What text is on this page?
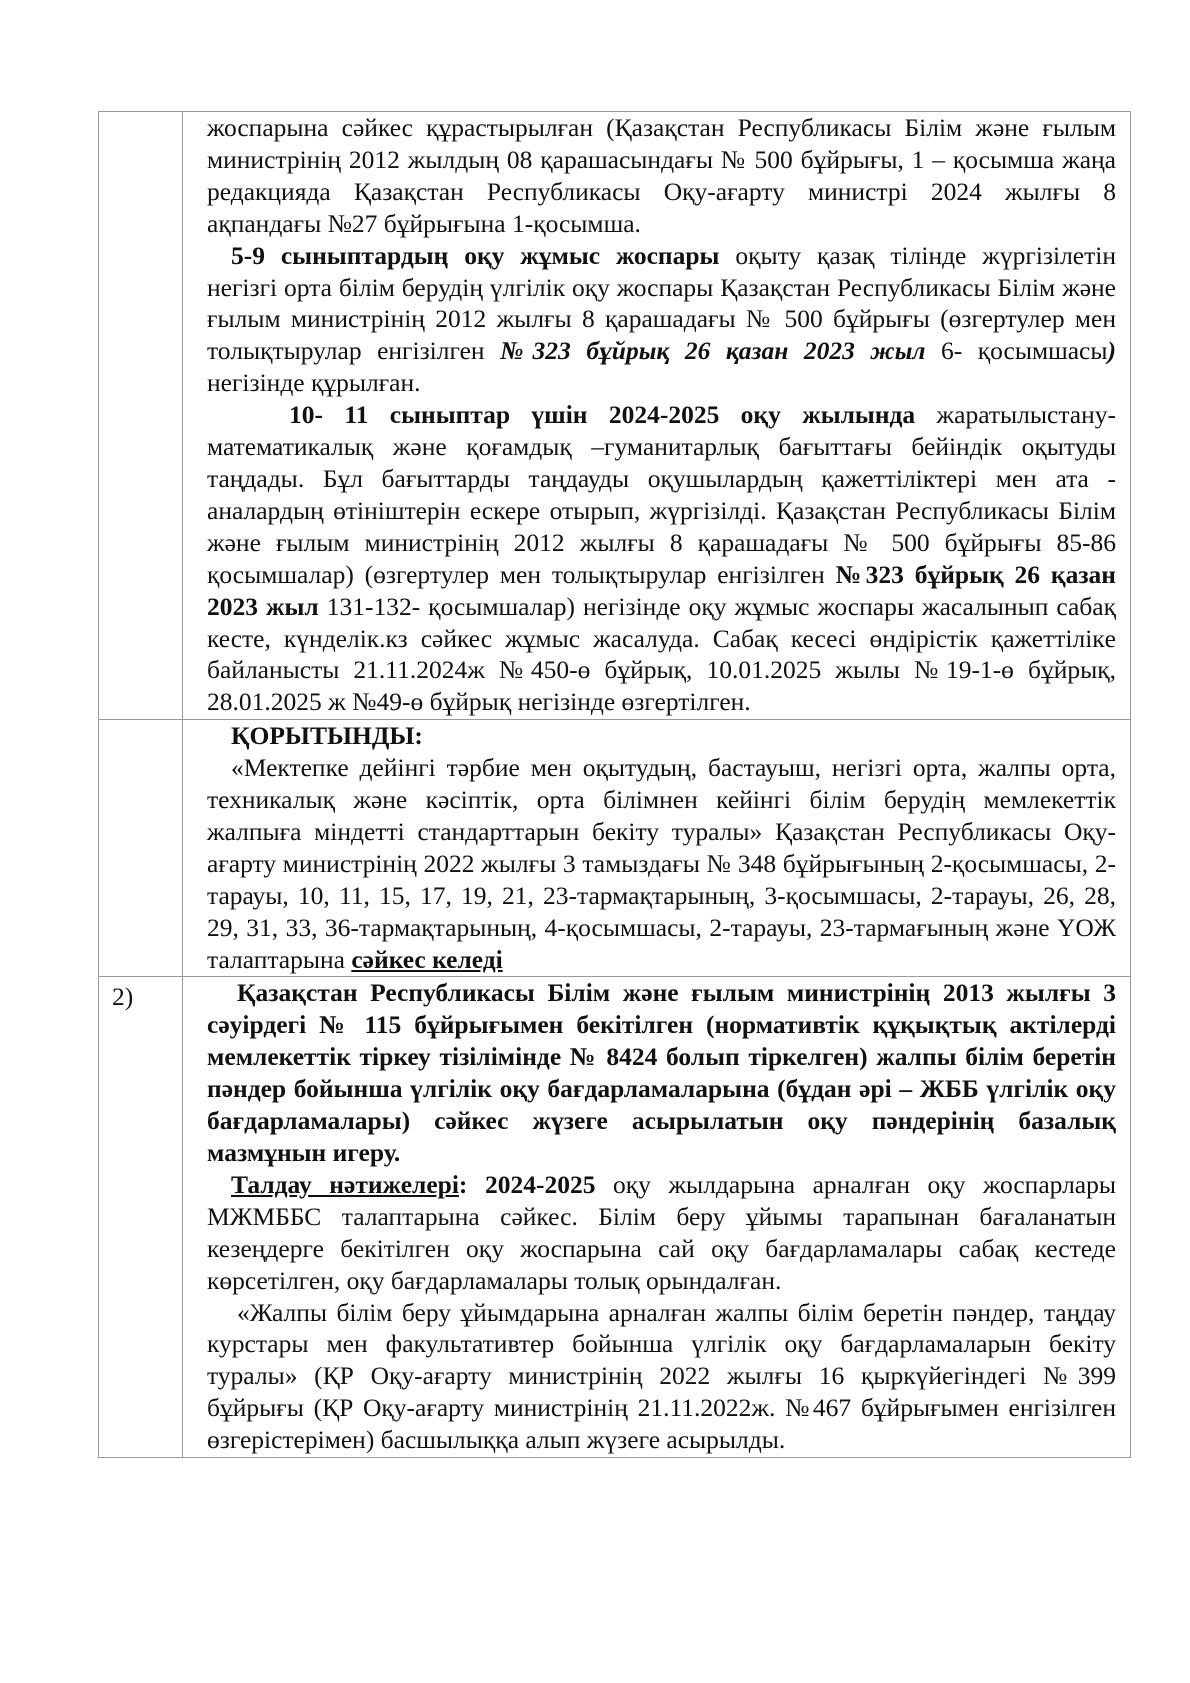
	жоспарына сәйкес құрастырылған (Қазақстан Республикасы Білім және ғылым министрінің 2012 жылдың 08 қарашасындағы № 500 бұйрығы, 1 – қосымша жаңа редакцияда Қазақстан Республикасы Оқу-ағарту министрі 2024 жылғы 8 ақпандағы №27 бұйрығына 1-қосымша.

5-9 сыныптардың оқу жұмыс жоспары оқыту қазақ тілінде жүргізілетін негізгі орта білім берудің үлгілік оқу жоспары Қазақстан Республикасы Білім және ғылым министрінің 2012 жылғы 8 қарашадағы № 500 бұйрығы (өзгертулер мен толықтырулар енгізілген №323 бұйрық 26 қазан 2023 жыл 6- қосымшасы) негізінде құрылған.

10- 11 сыныптар үшін 2024-2025 оқу жылында жаратылыстану-математикалық және қоғамдық –гуманитарлық бағыттағы бейіндік оқытуды таңдады. Бұл бағыттарды таңдауды оқушылардың қажеттіліктері мен ата - аналардың өтініштерін ескере отырып, жүргізілді. Қазақстан Республикасы Білім және ғылым министрінің 2012 жылғы 8 қарашадағы № 500 бұйрығы 85-86 қосымшалар) (өзгертулер мен толықтырулар енгізілген №323 бұйрық 26 қазан 2023 жыл 131-132- қосымшалар) негізінде оқу жұмыс жоспары жасалынып сабақ кесте, күнделік.кз сәйкес жұмыс жасалуда. Сабақ кесесі өндірістік қажеттілікe байланысты 21.11.2024ж №450-ө бұйрық, 10.01.2025 жылы №19-1-ө бұйрық, 28.01.2025 ж №49-ө бұйрық негізінде өзгертілген.

	ҚОРЫТЫНДЫ:

«Мектепке дейінгі тәрбие мен оқытудың, бастауыш, негізгі орта, жалпы орта, техникалық және кәсіптік, орта білімнен кейінгі білім берудің мемлекеттік жалпыға міндетті стандарттарын бекіту туралы» Қазақстан Республикасы Оқу-ағарту министрінің 2022 жылғы 3 тамыздағы № 348 бұйрығының 2-қосымшасы, 2-тарауы, 10, 11, 15, 17, 19, 21, 23-тармақтарының, 3-қосымшасы, 2-тарауы, 26, 28, 29, 31, 33, 36-тармақтарының, 4-қосымшасы, 2-тарауы, 23-тармағының және ҮОЖ талаптарына сәйкес келеді

2)	Қазақстан Республикасы Білім және ғылым министрінің 2013 жылғы 3 сәуірдегі № 115 бұйрығымен бекітілген (нормативтік құқықтық актілерді мемлекеттік тіркеу тізілімінде № 8424 болып тіркелген) жалпы білім беретін пәндер бойынша үлгілік оқу бағдарламаларына (бұдан әрі – ЖББ үлгілік оқу бағдарламалары) сәйкес жүзеге асырылатын оқу пәндерінің базалық мазмұнын игеру.

Талдау нәтижелері: 2024-2025 оқу жылдарына арналған оқу жоспарлары МЖМББС талаптарына сәйкес. Білім беру ұйымы тарапынан бағаланатын кезеңдерге бекітілген оқу жоспарына сай оқу бағдарламалары сабақ кестеде көрсетілген, оқу бағдарламалары толық орындалған.

«Жалпы білім беру ұйымдарына арналған жалпы білім беретін пәндер, таңдау курстары мен факультативтер бойынша үлгілік оқу бағдарламаларын бекіту туралы» (ҚР Оқу-ағарту министрінің 2022 жылғы 16 қыркүйегіндегі №399 бұйрығы (ҚР Оқу-ағарту министрінің 21.11.2022ж. №467 бұйрығымен енгізілген өзгерістерімен) басшылыққа алып жүзеге асырылды.
